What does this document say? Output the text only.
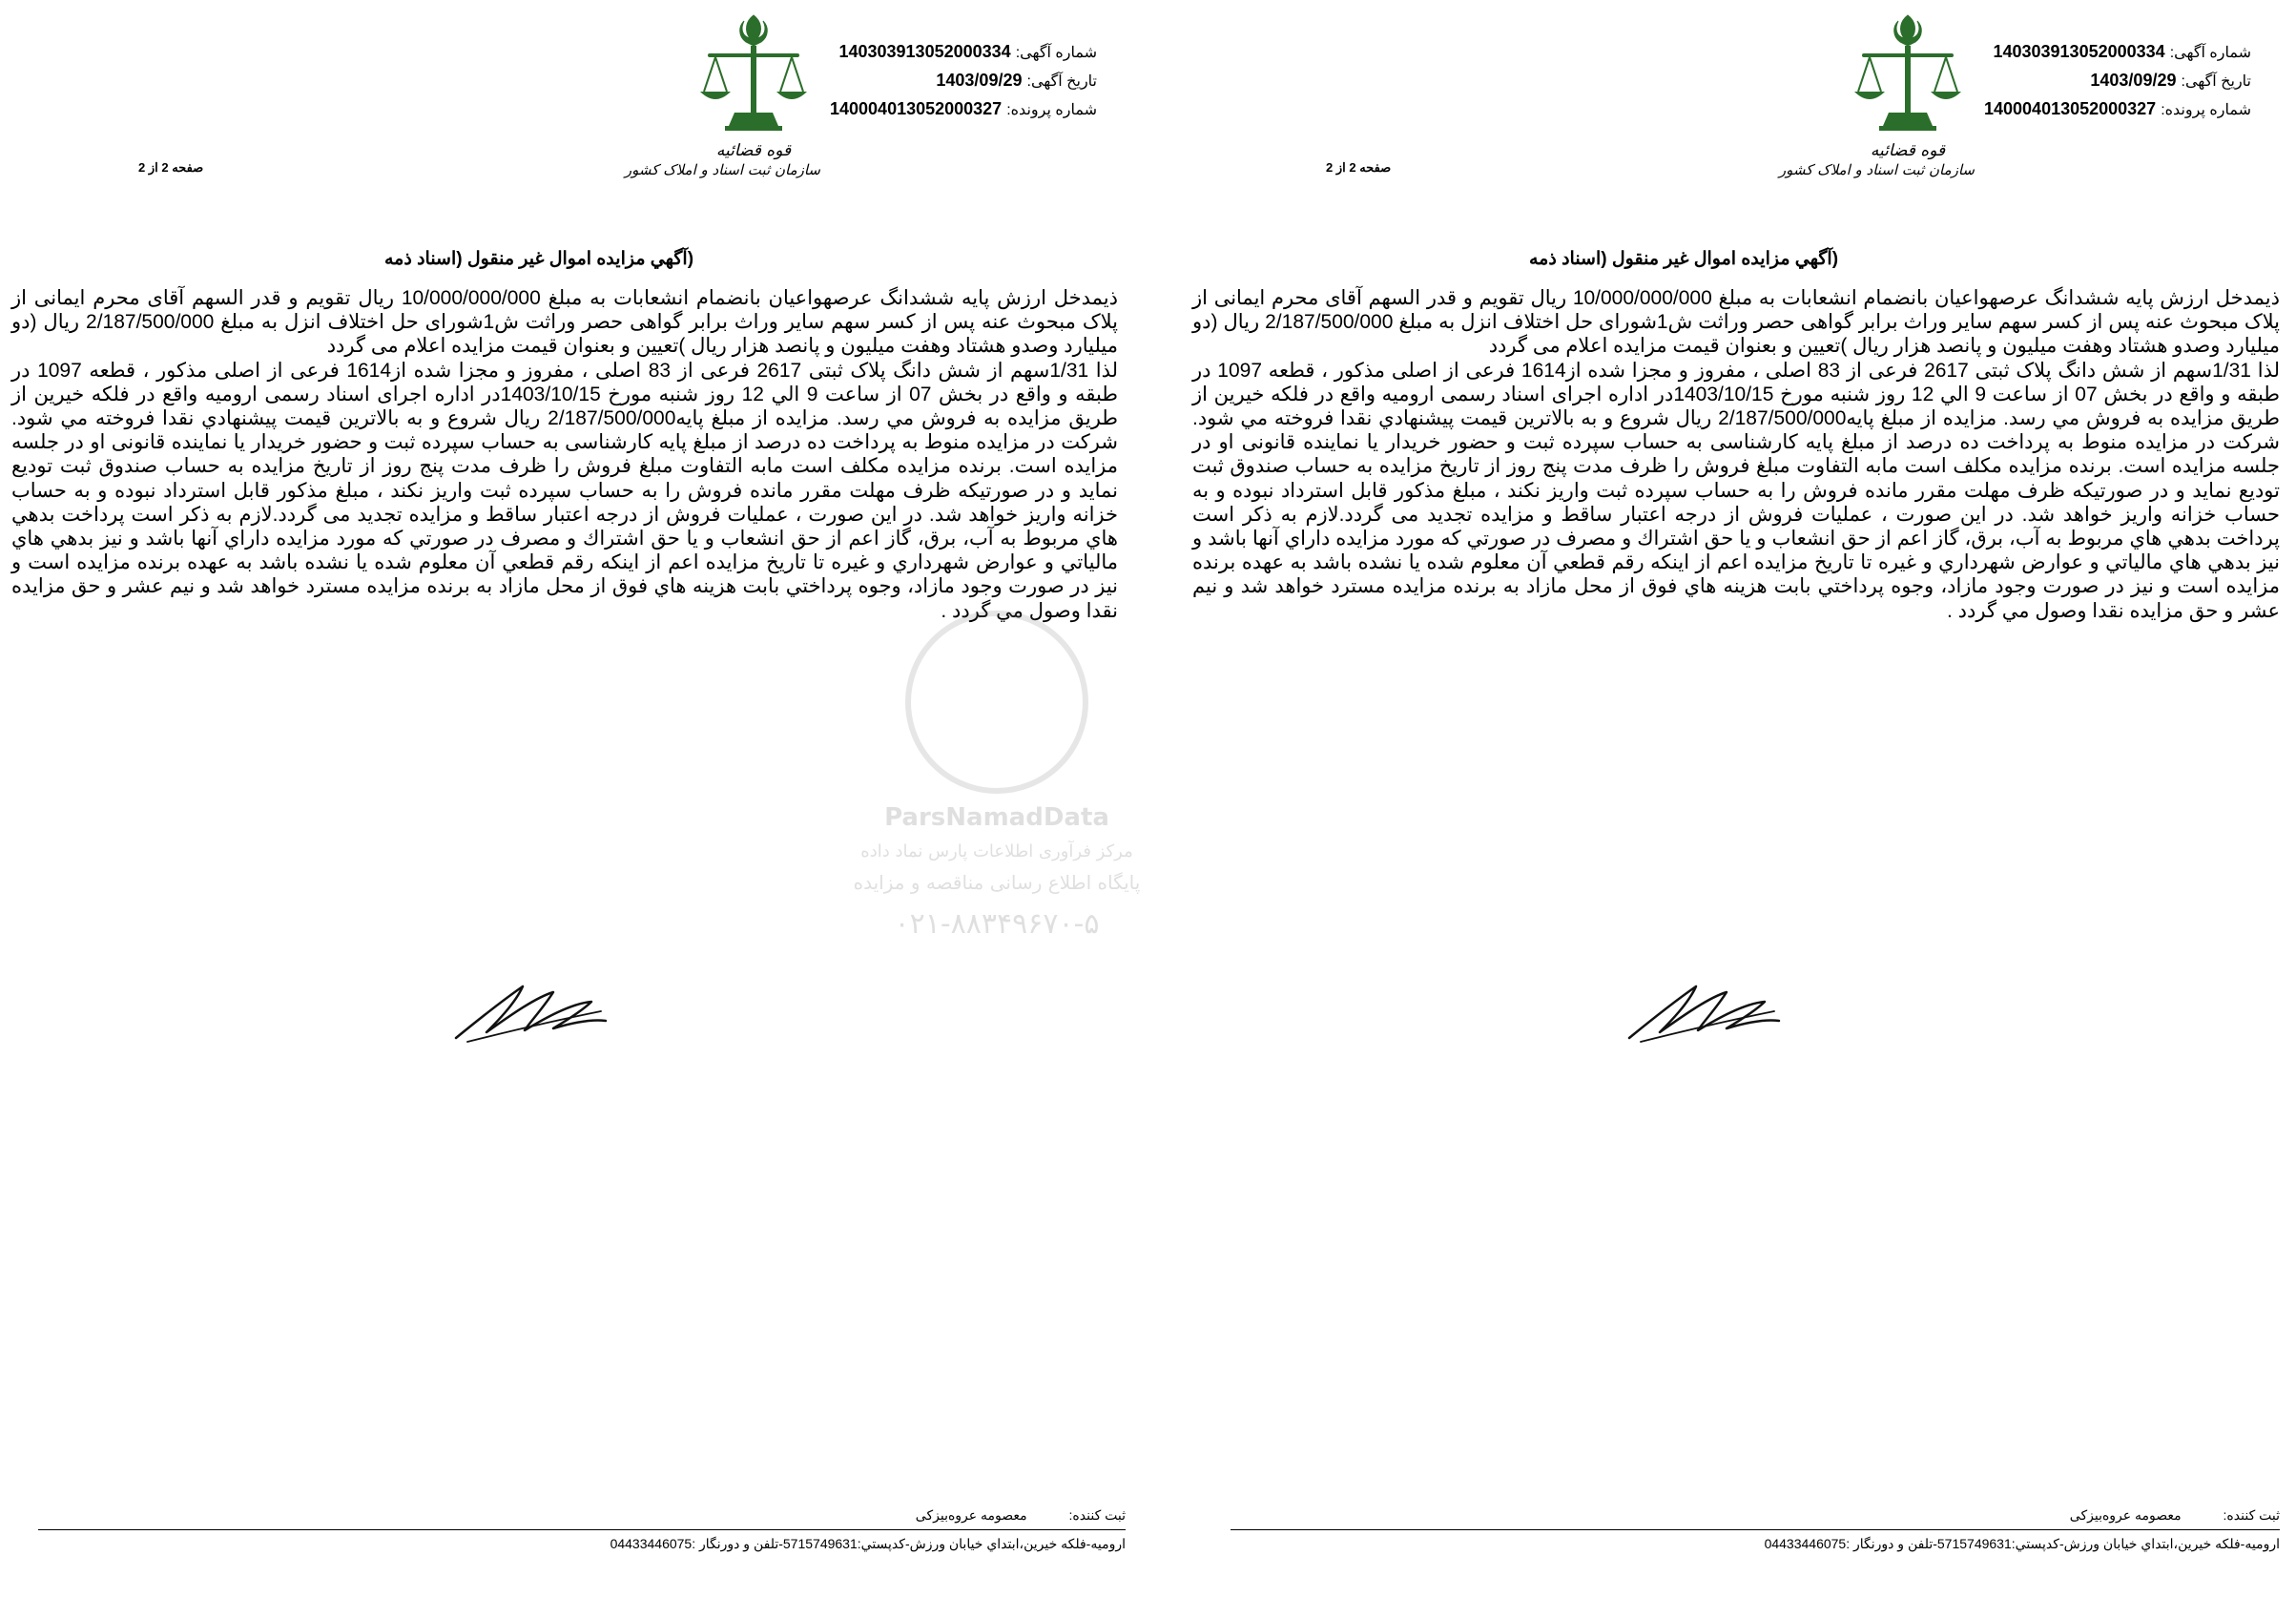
شماره آگهی: 140303913052000334
تاریخ آگهی: 1403/09/29
شماره پرونده: 140004013052000327
قوه قضائیه
سازمان ثبت اسناد و املاک کشور
صفحه 2 از 2
(آگهي مزايده اموال غير منقول (اسناد ذمه

ذیمدخل ارزش پایه ششدانگ عرصهواعیان بانضمام انشعابات به مبلغ 10/000/000/000 ریال تقویم و قدر السهم آقای محرم ایمانی از پلاک مبحوث عنه پس از کسر سهم سایر وراث برابر گواهی حصر وراثت ش1شورای حل اختلاف انزل به مبلغ 2/187/500/000 ریال (دو میلیارد وصدو هشتاد وهفت میلیون و پانصد هزار ریال )تعیین و بعنوان قیمت مزایده اعلام می گردد

لذا 1/31سهم از شش دانگ پلاک ثبتی 2617 فرعی از 83 اصلی ، مفروز و مجزا شده از1614 فرعی از اصلی مذکور ، قطعه 1097 در طبقه و واقع در بخش 07 از ساعت 9 الي 12 روز شنبه مورخ 1403/10/15در اداره اجرای اسناد رسمی ارومیه واقع در فلکه خیرین از طريق مزايده به فروش مي رسد. مزايده از مبلغ پایه2/187/500/000 ريال شروع و به بالاترين قيمت پيشنهادي نقدا فروخته مي شود. شرکت در مزایده منوط به پرداخت ده درصد از مبلغ پایه کارشناسی به حساب سپرده ثبت و حضور خریدار یا نماینده قانونی او در جلسه مزایده است. برنده مزایده مکلف است مابه التفاوت مبلغ فروش را ظرف مدت پنج روز از تاریخ مزایده به حساب صندوق ثبت تودیع نماید و در صورتیکه ظرف مهلت مقرر مانده فروش را به حساب سپرده ثبت واریز نکند ، مبلغ مذکور قابل استرداد نبوده و به حساب خزانه واریز خواهد شد. در این صورت ، عملیات فروش از درجه اعتبار ساقط و مزایده تجدید می گردد.لازم به ذكر است پرداخت بدهي هاي مربوط به آب، برق، گاز اعم از حق انشعاب و يا حق اشتراك و مصرف در صورتي كه مورد مزايده داراي آنها باشد و نيز بدهي هاي مالياتي و عوارض شهرداري و غيره تا تاريخ مزايده اعم از اينكه رقم قطعي آن معلوم شده يا نشده باشد به عهده برنده مزايده است و نيز در صورت وجود مازاد، وجوه پرداختي بابت هزينه هاي فوق از محل مازاد به برنده مزايده مسترد خواهد شد و نیم عشر و حق مزایده نقدا وصول مي گردد .

ثبت کننده: معصومه عروه‌بیزکی
ارومیه-فلکه خیرین،ابتداي خیابان ورزش-کدپستي:5715749631-تلفن و دورنگار :04433446075
شماره آگهی: 140303913052000334
تاریخ آگهی: 1403/09/29
شماره پرونده: 140004013052000327
قوه قضائیه
سازمان ثبت اسناد و املاک کشور
صفحه 2 از 2
(آگهي مزايده اموال غير منقول (اسناد ذمه

ذیمدخل ارزش پایه ششدانگ عرصهواعیان بانضمام انشعابات به مبلغ 10/000/000/000 ریال تقویم و قدر السهم آقای محرم ایمانی از پلاک مبحوث عنه پس از کسر سهم سایر وراث برابر گواهی حصر وراثت ش1شورای حل اختلاف انزل به مبلغ 2/187/500/000 ریال (دو میلیارد وصدو هشتاد وهفت میلیون و پانصد هزار ریال )تعیین و بعنوان قیمت مزایده اعلام می گردد

لذا 1/31سهم از شش دانگ پلاک ثبتی 2617 فرعی از 83 اصلی ، مفروز و مجزا شده از1614 فرعی از اصلی مذکور ، قطعه 1097 در طبقه و واقع در بخش 07 از ساعت 9 الي 12 روز شنبه مورخ 1403/10/15در اداره اجرای اسناد رسمی ارومیه واقع در فلکه خیرین از طريق مزايده به فروش مي رسد. مزايده از مبلغ پایه2/187/500/000 ريال شروع و به بالاترين قيمت پيشنهادي نقدا فروخته مي شود. شرکت در مزایده منوط به پرداخت ده درصد از مبلغ پایه کارشناسی به حساب سپرده ثبت و حضور خریدار یا نماینده قانونی او در جلسه مزایده است. برنده مزایده مکلف است مابه التفاوت مبلغ فروش را ظرف مدت پنج روز از تاریخ مزایده به حساب صندوق ثبت تودیع نماید و در صورتیکه ظرف مهلت مقرر مانده فروش را به حساب سپرده ثبت واریز نکند ، مبلغ مذکور قابل استرداد نبوده و به حساب خزانه واریز خواهد شد. در این صورت ، عملیات فروش از درجه اعتبار ساقط و مزایده تجدید می گردد.لازم به ذكر است پرداخت بدهي هاي مربوط به آب، برق، گاز اعم از حق انشعاب و يا حق اشتراك و مصرف در صورتي كه مورد مزايده داراي آنها باشد و نيز بدهي هاي مالياتي و عوارض شهرداري و غيره تا تاريخ مزايده اعم از اينكه رقم قطعي آن معلوم شده يا نشده باشد به عهده برنده مزايده است و نيز در صورت وجود مازاد، وجوه پرداختي بابت هزينه هاي فوق از محل مازاد به برنده مزايده مسترد خواهد شد و نیم عشر و حق مزایده نقدا وصول مي گردد .

ثبت کننده: معصومه عروه‌بیزکی
ارومیه-فلکه خیرین،ابتداي خیابان ورزش-کدپستي:5715749631-تلفن و دورنگار :04433446075
ParsNamadData
مرکز فرآوری اطلاعات پارس نماد داده
پایگاه اطلاع رسانی مناقصه و مزایده
۰۲۱-۸۸۳۴۹۶۷۰-۵
